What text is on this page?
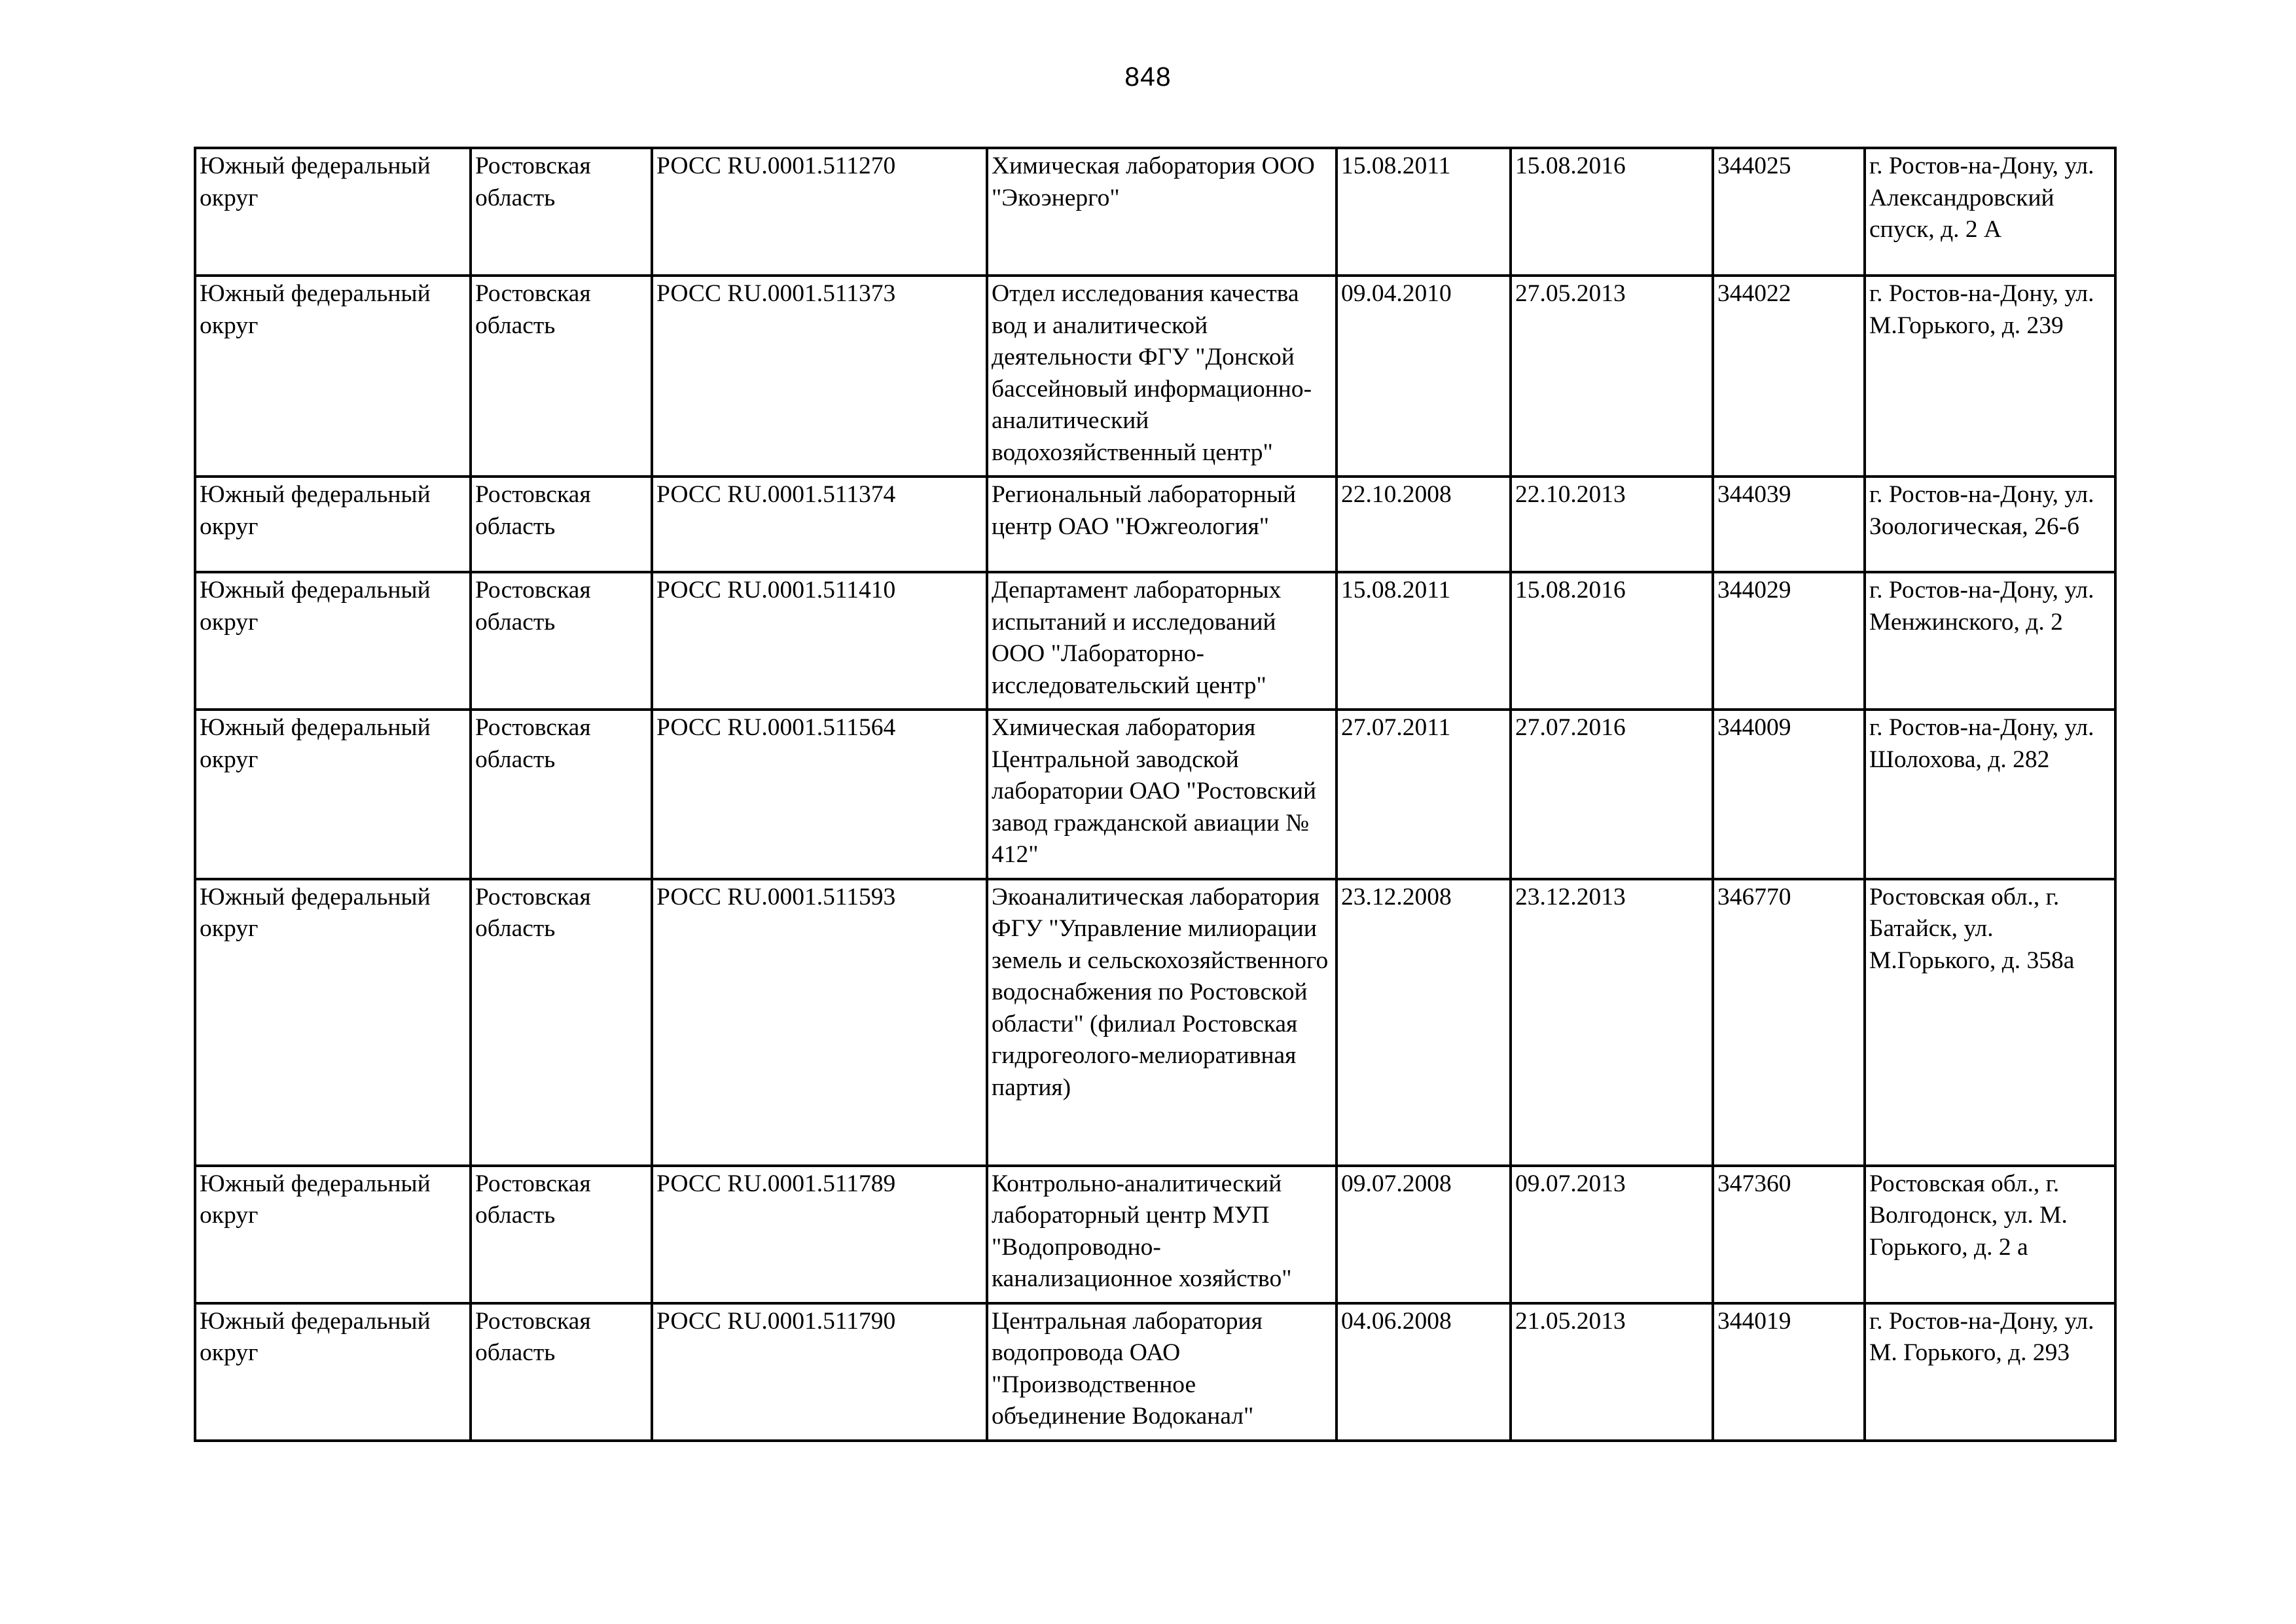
848
Южный федеральный округ	Ростовская область	РОСС RU.0001.511270	Химическая лаборатория ООО "Экоэнерго"	15.08.2011	15.08.2016	344025	г. Ростов-на-Дону, ул. Александровский спуск, д. 2 А
Южный федеральный округ	Ростовская область	РОСС RU.0001.511373	Отдел исследования качества вод и аналитической деятельности ФГУ "Донской бассейновый информационно-аналитический водохозяйственный центр"	09.04.2010	27.05.2013	344022	г. Ростов-на-Дону, ул. М.Горького, д. 239
Южный федеральный округ	Ростовская область	РОСС RU.0001.511374	Региональный лабораторный центр ОАО "Южгеология"	22.10.2008	22.10.2013	344039	г. Ростов-на-Дону, ул. Зоологическая, 26-б
Южный федеральный округ	Ростовская область	РОСС RU.0001.511410	Департамент лабораторных испытаний и исследований ООО "Лабораторно-исследовательский центр"	15.08.2011	15.08.2016	344029	г. Ростов-на-Дону, ул. Менжинского, д. 2
Южный федеральный округ	Ростовская область	РОСС RU.0001.511564	Химическая лаборатория Центральной заводской лаборатории ОАО "Ростовский завод гражданской авиации № 412"	27.07.2011	27.07.2016	344009	г. Ростов-на-Дону, ул. Шолохова, д. 282
Южный федеральный округ	Ростовская область	РОСС RU.0001.511593	Экоаналитическая лаборатория ФГУ "Управление милиорации земель и сельскохозяйственного водоснабжения по Ростовской области" (филиал Ростовская гидрогеолого-мелиоративная партия)	23.12.2008	23.12.2013	346770	Ростовская обл., г. Батайск, ул. М.Горького, д. 358а
Южный федеральный округ	Ростовская область	РОСС RU.0001.511789	Контрольно-аналитический лабораторный центр МУП "Водопроводно-канализационное хозяйство"	09.07.2008	09.07.2013	347360	Ростовская обл., г. Волгодонск, ул. М. Горького, д. 2 а
Южный федеральный округ	Ростовская область	РОСС RU.0001.511790	Центральная лаборатория водопровода ОАО "Производственное объединение Водоканал"	04.06.2008	21.05.2013	344019	г. Ростов-на-Дону, ул. М. Горького, д. 293
